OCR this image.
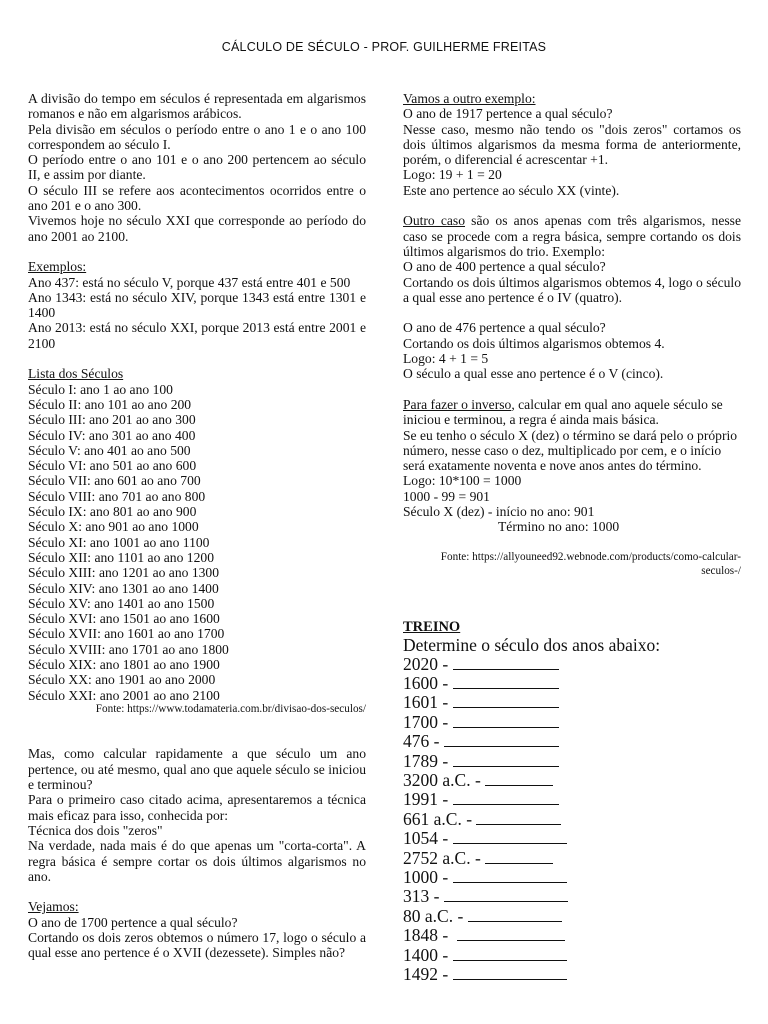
CÁLCULO DE SÉCULO - PROF. GUILHERME FREITAS

A divisão do tempo em séculos é representada em algarismos romanos e não em algarismos arábicos.

Pela divisão em séculos o período entre o ano 1 e o ano 100 correspondem ao século I.

O período entre o ano 101 e o ano 200 pertencem ao século II, e assim por diante.

O século III se refere aos acontecimentos ocorridos entre o ano 201 e o ano 300.

Vivemos hoje no século XXI que corresponde ao período do ano 2001 ao 2100.

Exemplos:

Ano 437: está no século V, porque 437 está entre 401 e 500

Ano 1343: está no século XIV, porque 1343 está entre 1301 e 1400

Ano 2013: está no século XXI, porque 2013 está entre 2001 e 2100

Lista dos Séculos

Século I: ano 1 ao ano 100

Século II: ano 101 ao ano 200

Século III: ano 201 ao ano 300

Século IV: ano 301 ao ano 400

Século V: ano 401 ao ano 500

Século VI: ano 501 ao ano 600

Século VII: ano 601 ao ano 700

Século VIII: ano 701 ao ano 800

Século IX: ano 801 ao ano 900

Século X: ano 901 ao ano 1000

Século XI: ano 1001 ao ano 1100

Século XII: ano 1101 ao ano 1200

Século XIII: ano 1201 ao ano 1300

Século XIV: ano 1301 ao ano 1400

Século XV: ano 1401 ao ano 1500

Século XVI: ano 1501 ao ano 1600

Século XVII: ano 1601 ao ano 1700

Século XVIII: ano 1701 ao ano 1800

Século XIX: ano 1801 ao ano 1900

Século XX: ano 1901 ao ano 2000

Século XXI: ano 2001 ao ano 2100

Fonte: https://www.todamateria.com.br/divisao-dos-seculos/

Mas, como calcular rapidamente a que século um ano pertence, ou até mesmo, qual ano que aquele século se iniciou e terminou?

Para o primeiro caso citado acima, apresentaremos a técnica mais eficaz para isso, conhecida por:

Técnica dos dois "zeros"

Na verdade, nada mais é do que apenas um "corta-corta". A regra básica é sempre cortar os dois últimos algarismos no ano.

Vejamos:

O ano de 1700 pertence a qual século?

Cortando os dois zeros obtemos o número 17, logo o século a qual esse ano pertence é o XVII (dezessete). Simples não?

Vamos a outro exemplo:

O ano de 1917 pertence a qual século?

Nesse caso, mesmo não tendo os "dois zeros" cortamos os dois últimos algarismos da mesma forma de anteriormente, porém, o diferencial é acrescentar +1.

Logo: 19 + 1 = 20

Este ano pertence ao século XX (vinte).

Outro caso são os anos apenas com três algarismos, nesse caso se procede com a regra básica, sempre cortando os dois últimos algarismos do trio. Exemplo:

O ano de 400 pertence a qual século?

Cortando os dois últimos algarismos obtemos 4, logo o século a qual esse ano pertence é o IV (quatro).

O ano de 476 pertence a qual século?

Cortando os dois últimos algarismos obtemos 4.

Logo: 4 + 1 = 5

O século a qual esse ano pertence é o V (cinco).

Para fazer o inverso, calcular em qual ano aquele século se iniciou e terminou, a regra é ainda mais básica.

Se eu tenho o século X (dez) o término se dará pelo o próprio número, nesse caso o dez, multiplicado por cem, e o início será exatamente noventa e nove anos antes do término.

Logo: 10*100 = 1000

1000 - 99 = 901

Século X (dez) - início no ano: 901

Término no ano: 1000

Fonte: https://allyouneed92.webnode.com/products/como-calcular-

seculos-/

TREINO

Determine o século dos anos abaixo:

2020 -

1600 -

1601 -

1700 -

476 -

1789 -

3200 a.C. -

1991 -

661 a.C. -

1054 -

2752 a.C. -

1000 -

313 -

80 a.C. -

1848 -

1400 -

1492 -
